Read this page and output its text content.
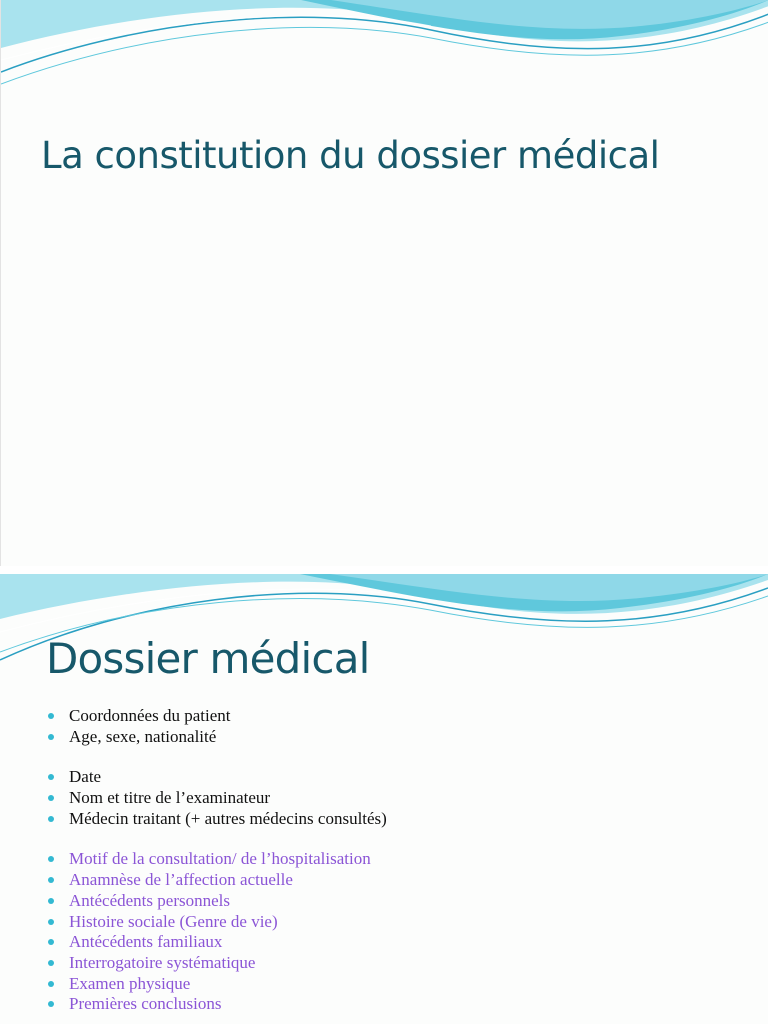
La constitution du dossier médical
Dossier médical
Coordonnées du patient
Age, sexe, nationalité
Date
Nom et titre de l’examinateur
Médecin traitant (+ autres médecins consultés)
Motif de la consultation/ de l’hospitalisation
Anamnèse de l’affection actuelle
Antécédents personnels
Histoire sociale (Genre de vie)
Antécédents familiaux
Interrogatoire systématique
Examen physique
Premières conclusions
